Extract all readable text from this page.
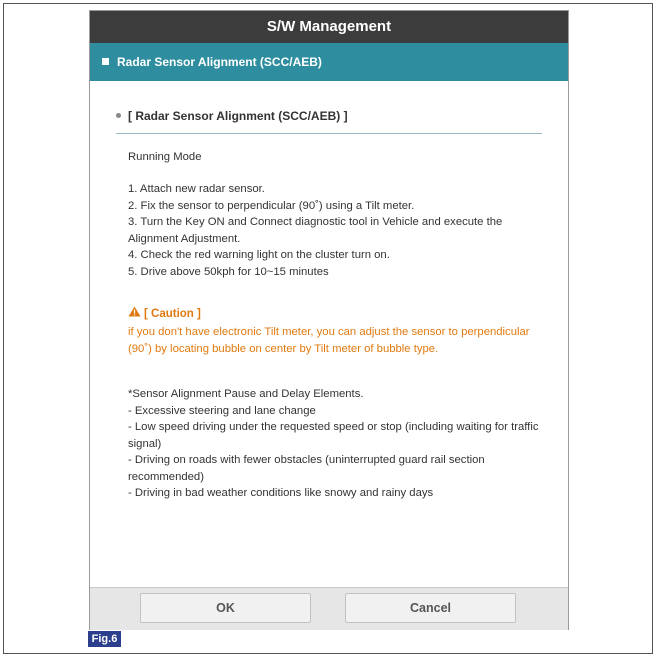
S/W Management
Radar Sensor Alignment (SCC/AEB)
[ Radar Sensor Alignment (SCC/AEB) ]
Running Mode
1. Attach new radar sensor.
2. Fix the sensor to perpendicular (90˚) using a Tilt meter.
3. Turn the Key ON and Connect diagnostic tool in Vehicle and execute the Alignment Adjustment.
4. Check the red warning light on the cluster turn on.
5. Drive above 50kph for 10~15 minutes
[ Caution ]
if you don't have electronic Tilt meter, you can adjust the sensor to perpendicular (90˚) by locating bubble on center by Tilt meter of bubble type.
*Sensor Alignment Pause and Delay Elements.
- Excessive steering and lane change
- Low speed driving under the requested speed or stop (including waiting for traffic signal)
- Driving on roads with fewer obstacles (uninterrupted guard rail section recommended)
- Driving in bad weather conditions like snowy and rainy days
OK	Cancel
Fig.6
